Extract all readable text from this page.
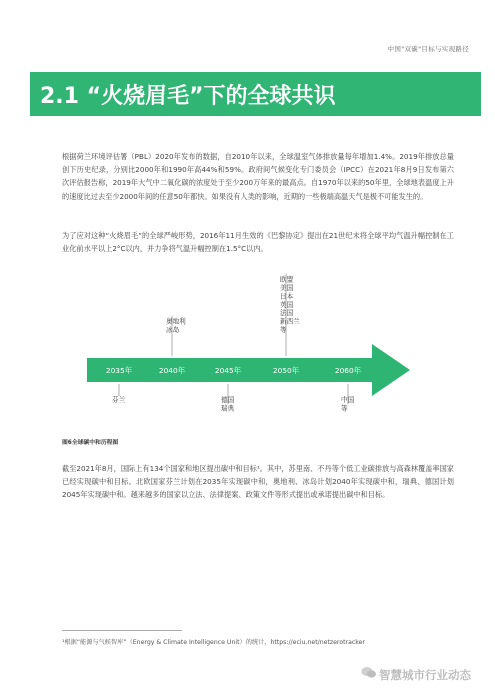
中国"双碳"目标与实现路径
2.1 “火烧眉毛”下的全球共识

根据荷兰环境评估署（PBL）2020年发布的数据，自2010年以来，全球温室气体排放量每年增加1.4%。2019年排放总量创下历史纪录，分别比2000年和1990年高44%和59%。政府间气候变化专门委员会（IPCC）在2021年8月9日发布第六次评估报告称，2019年大气中二氧化碳的浓度处于至少200万年来的最高点。自1970年以来的50年里，全球地表温度上升的速度比过去至少2000年间的任意50年都快。如果没有人类的影响，近期的一些极端高温天气是极不可能发生的。

为了应对这种“火烧眉毛”的全球严峻形势，2016年11月生效的《巴黎协定》提出在21世纪末将全球平均气温升幅控制在工业化前水平以上2°C以内，并力争将气温升幅控制在1.5°C以内。

2035年	2040年	2045年	2050年	2060年
奥地利
冰岛
欧盟
美国
日本
英国
法国
新西兰
等
芬兰	德国
瑞典
中国
等
图6全球碳中和历程图

截至2021年8月，国际上有134个国家和地区提出碳中和目标¹。其中，苏里南、不丹等个低工业碳排放与高森林覆盖率国家已经实现碳中和目标。北欧国家芬兰计划在2035年实现碳中和，奥地利、冰岛计划2040年实现碳中和，瑞典、德国计划2045年实现碳中和。越来越多的国家以立法、法律提案、政策文件等形式提出或承诺提出碳中和目标。

¹根据“能源与气候智库”（Energy & Climate Intelligence Unit）的统计，https://eciu.net/netzerotracker
智慧城市行业动态
